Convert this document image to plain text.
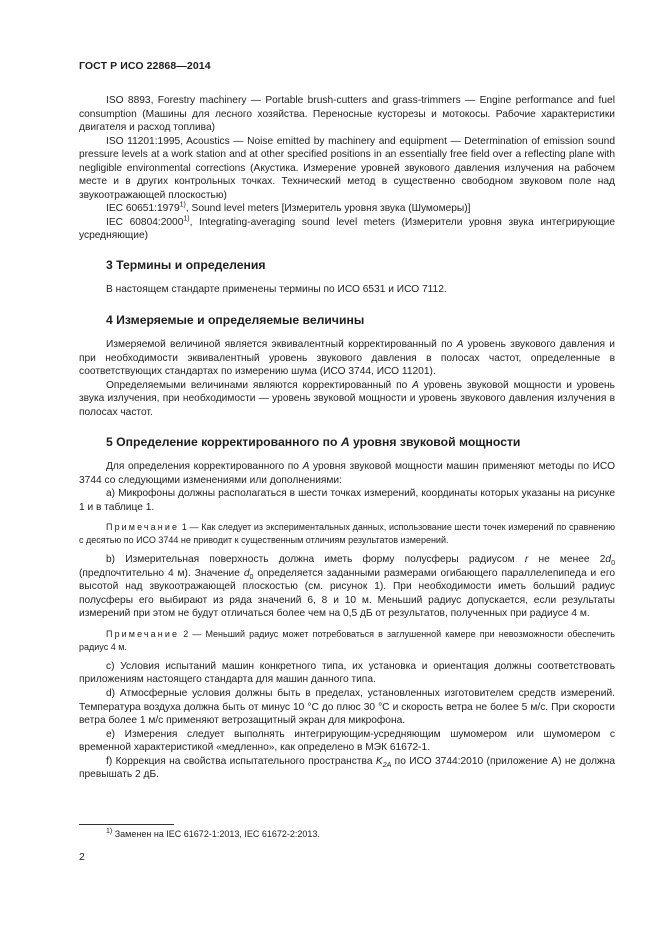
ГОСТ Р ИСО 22868—2014

ISO 8893, Forestry machinery — Portable brush-cutters and grass-trimmers — Engine performance and fuel consumption (Машины для лесного хозяйства. Переносные кусторезы и мотокосы. Рабочие характеристики двигателя и расход топлива)

ISO 11201:1995, Acoustics — Noise emitted by machinery and equipment — Determination of emission sound pressure levels at a work station and at other specified positions in an essentially free field over a reflecting plane with negligible environmental corrections (Акустика. Измерение уровней звукового давления излучения на рабочем месте и в других контрольных точках. Технический метод в существенно свободном звуковом поле над звукоотражающей плоскостью)

IEC 60651:1979$^{1)}$, Sound level meters [Измеритель уровня звука (Шумомеры)]

IEC 60804:2000$^{1)}$, Integrating-averaging sound level meters (Измерители уровня звука интегрирующие усредняющие)

3 Термины и определения

В настоящем стандарте применены термины по ИСО 6531 и ИСО 7112.

4 Измеряемые и определяемые величины

Измеряемой величиной является эквивалентный корректированный по A уровень звукового давления и при необходимости эквивалентный уровень звукового давления в полосах частот, определенные в соответствующих стандартах по измерению шума (ИСО 3744, ИСО 11201).

Определяемыми величинами являются корректированный по A уровень звуковой мощности и уровень звука излучения, при необходимости — уровень звуковой мощности и уровень звукового давления излучения в полосах частот.

5 Определение корректированного по A уровня звуковой мощности

Для определения корректированного по A уровня звуковой мощности машин применяют методы по ИСО 3744 со следующими изменениями или дополнениями:

a) Микрофоны должны располагаться в шести точках измерений, координаты которых указаны на рисунке 1 и в таблице 1.

Примечание 1 — Как следует из экспериментальных данных, использование шести точек измерений по сравнению с десятью по ИСО 3744 не приводит к существенным отличиям результатов измерений.

b) Измерительная поверхность должна иметь форму полусферы радиусом r не менее $2d_0$ (предпочтительно 4 м). Значение $d_0$ определяется заданными размерами огибающего параллелепипеда и его высотой над звукоотражающей плоскостью (см. рисунок 1). При необходимости иметь больший радиус полусферы его выбирают из ряда значений 6, 8 и 10 м. Меньший радиус допускается, если результаты измерений при этом не будут отличаться более чем на 0,5 дБ от результатов, полученных при радиусе 4 м.

Примечание 2 — Меньший радиус может потребоваться в заглушенной камере при невозможности обеспечить радиус 4 м.

c) Условия испытаний машин конкретного типа, их установка и ориентация должны соответствовать приложениям настоящего стандарта для машин данного типа.

d) Атмосферные условия должны быть в пределах, установленных изготовителем средств измерений. Температура воздуха должна быть от минус 10 °C до плюс 30 °C и скорость ветра не более 5 м/с. При скорости ветра более 1 м/с применяют ветрозащитный экран для микрофона.

e) Измерения следует выполнять интегрирующим-усредняющим шумомером или шумомером с временной характеристикой «медленно», как определено в МЭК 61672-1.

f) Коррекция на свойства испытательного пространства $K_{2A}$ по ИСО 3744:2010 (приложение А) не должна превышать 2 дБ.

$^{1)}$ Заменен на IEC 61672-1:2013, IEC 61672-2:2013.
2
